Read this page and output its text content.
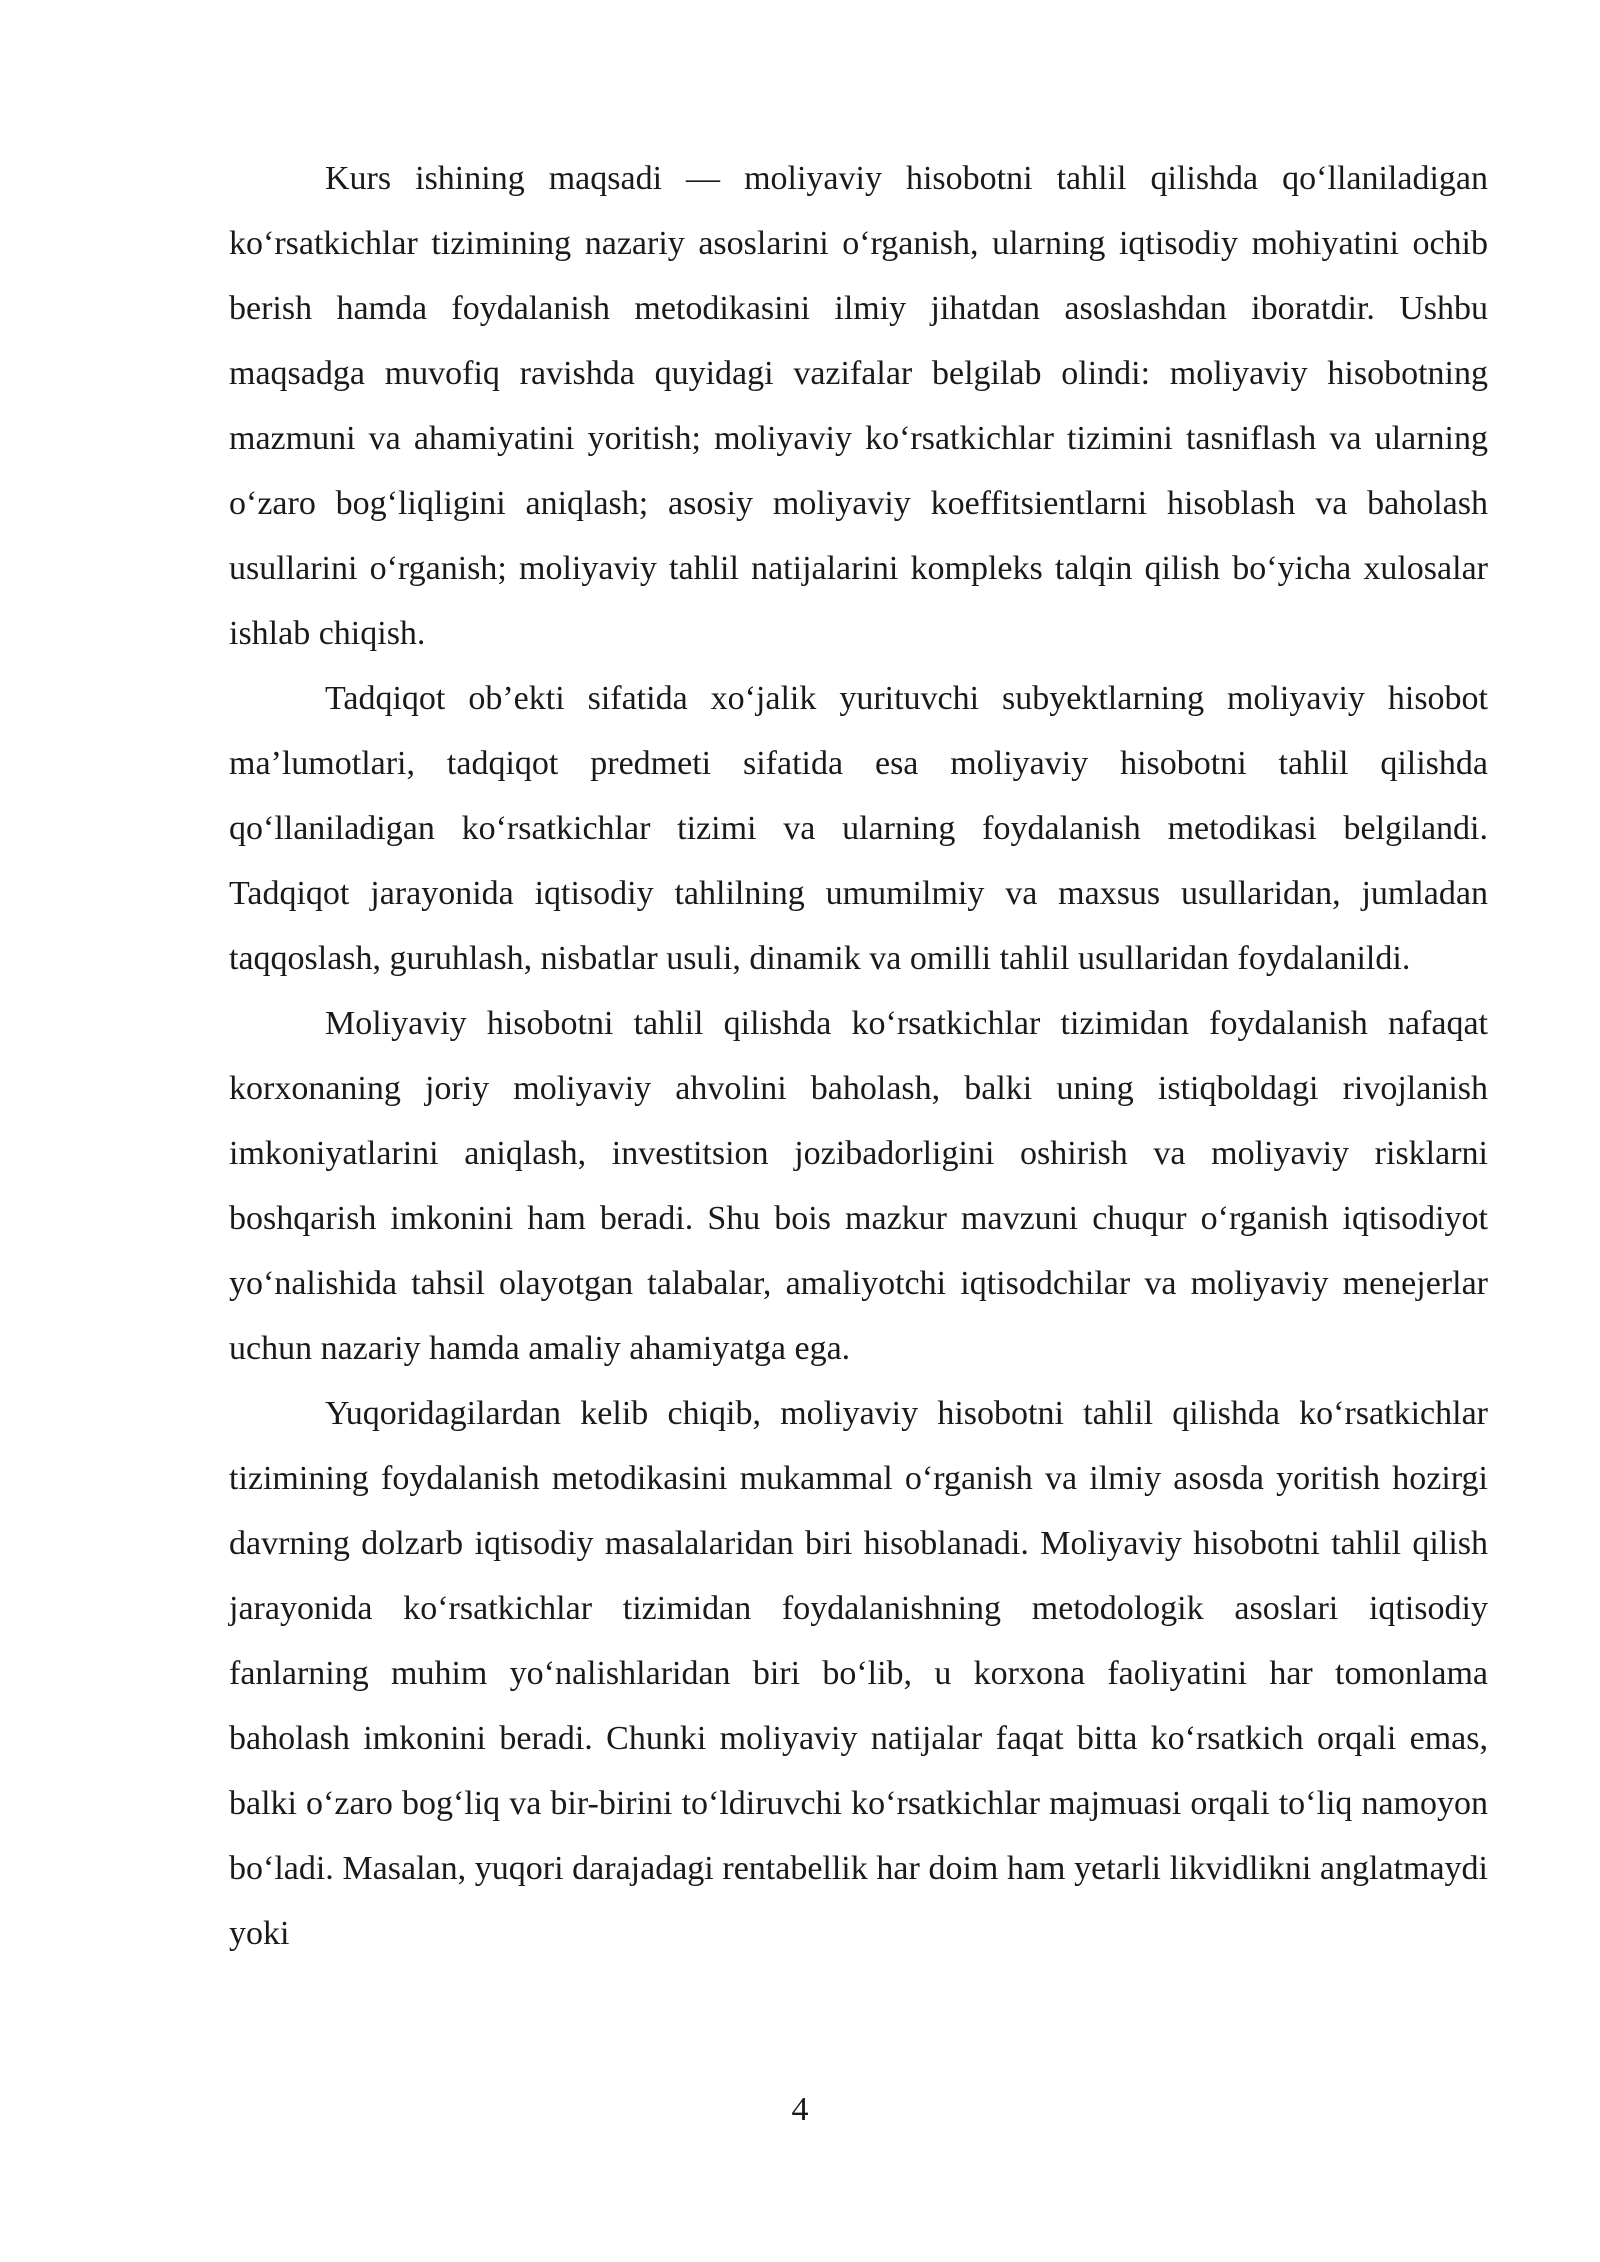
Kurs ishining maqsadi — moliyaviy hisobotni tahlil qilishda qo‘llaniladigan ko‘rsatkichlar tizimining nazariy asoslarini o‘rganish, ularning iqtisodiy mohiyatini ochib berish hamda foydalanish metodikasini ilmiy jihatdan asoslashdan iboratdir. Ushbu maqsadga muvofiq ravishda quyidagi vazifalar belgilab olindi: moliyaviy hisobotning mazmuni va ahamiyatini yoritish; moliyaviy ko‘rsatkichlar tizimini tasniflash va ularning o‘zaro bog‘liqligini aniqlash; asosiy moliyaviy koeffitsientlarni hisoblash va baholash usullarini o‘rganish; moliyaviy tahlil natijalarini kompleks talqin qilish bo‘yicha xulosalar ishlab chiqish.

Tadqiqot ob’ekti sifatida xo‘jalik yurituvchi subyektlarning moliyaviy hisobot ma’lumotlari, tadqiqot predmeti sifatida esa moliyaviy hisobotni tahlil qilishda qo‘llaniladigan ko‘rsatkichlar tizimi va ularning foydalanish metodikasi belgilandi. Tadqiqot jarayonida iqtisodiy tahlilning umumilmiy va maxsus usullaridan, jumladan taqqoslash, guruhlash, nisbatlar usuli, dinamik va omilli tahlil usullaridan foydalanildi.

Moliyaviy hisobotni tahlil qilishda ko‘rsatkichlar tizimidan foydalanish nafaqat korxonaning joriy moliyaviy ahvolini baholash, balki uning istiqboldagi rivojlanish imkoniyatlarini aniqlash, investitsion jozibadorligini oshirish va moliyaviy risklarni boshqarish imkonini ham beradi. Shu bois mazkur mavzuni chuqur o‘rganish iqtisodiyot yo‘nalishida tahsil olayotgan talabalar, amaliyotchi iqtisodchilar va moliyaviy menejerlar uchun nazariy hamda amaliy ahamiyatga ega.

Yuqoridagilardan kelib chiqib, moliyaviy hisobotni tahlil qilishda ko‘rsatkichlar tizimining foydalanish metodikasini mukammal o‘rganish va ilmiy asosda yoritish hozirgi davrning dolzarb iqtisodiy masalalaridan biri hisoblanadi. Moliyaviy hisobotni tahlil qilish jarayonida ko‘rsatkichlar tizimidan foydalanishning metodologik asoslari iqtisodiy fanlarning muhim yo‘nalishlaridan biri bo‘lib, u korxona faoliyatini har tomonlama baholash imkonini beradi. Chunki moliyaviy natijalar faqat bitta ko‘rsatkich orqali emas, balki o‘zaro bog‘liq va bir-birini to‘ldiruvchi ko‘rsatkichlar majmuasi orqali to‘liq namoyon bo‘ladi. Masalan, yuqori darajadagi rentabellik har doim ham yetarli likvidlikni anglatmaydi yoki

4
